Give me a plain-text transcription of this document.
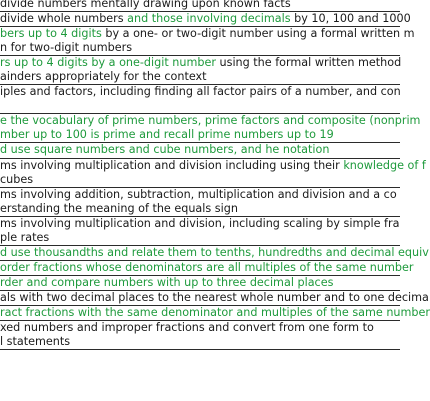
divide numbers mentally drawing upon known facts
divide whole numbers and those involving decimals by 10, 100 and 1000
bers up to 4 digits by a one- or two-digit number using a formal written m
n for two-digit numbers
rs up to 4 digits by a one-digit number using the formal written method
ainders appropriately for the context
iples and factors, including finding all factor pairs of a number, and con
e the vocabulary of prime numbers, prime factors and composite (nonprim
mber up to 100 is prime and recall prime numbers up to 19
d use square numbers and cube numbers, and he notation
ms involving multiplication and division including using their knowledge of f
cubes
ms involving addition, subtraction, multiplication and division and a co
erstanding the meaning of the equals sign
ms involving multiplication and division, including scaling by simple fra
ple rates
d use thousandths and relate them to tenths, hundredths and decimal equiv
order fractions whose denominators are all multiples of the same number
rder and compare numbers with up to three decimal places
als with two decimal places to the nearest whole number and to one decima
ract fractions with the same denominator and multiples of the same number
xed numbers and improper fractions and convert from one form to
l statements
